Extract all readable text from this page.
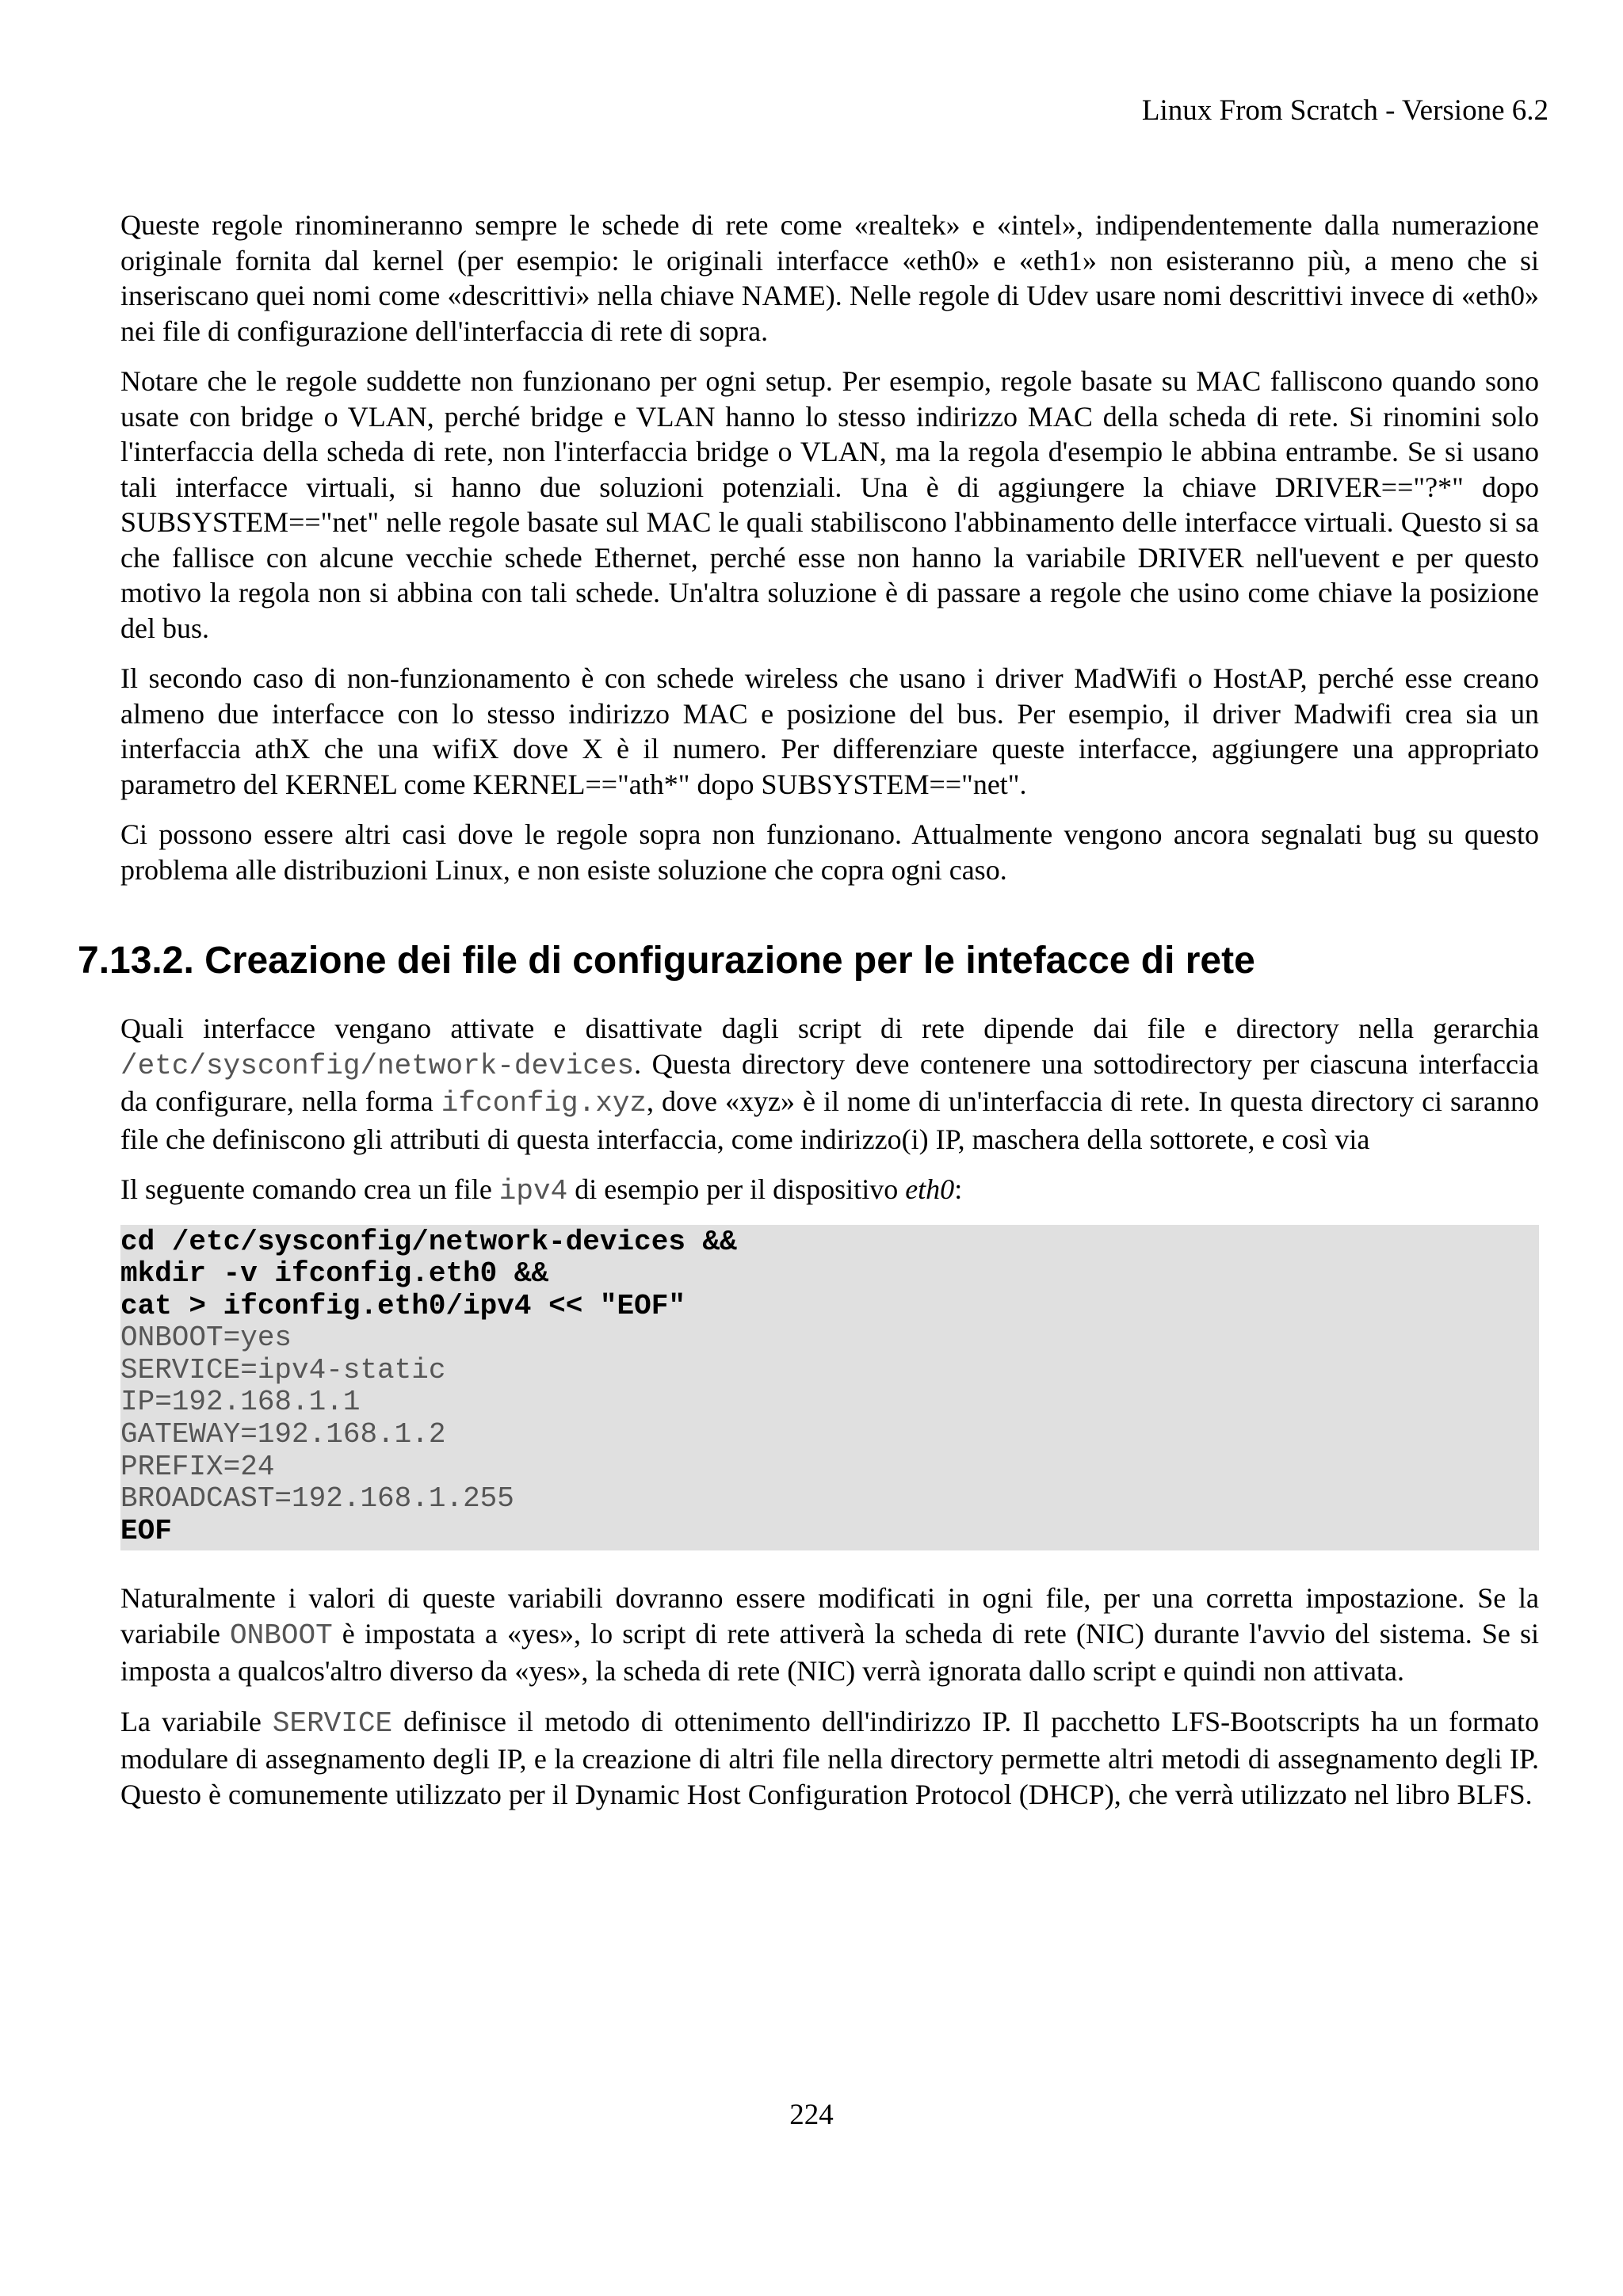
Linux From Scratch - Versione 6.2

Queste regole rinomineranno sempre le schede di rete come «realtek» e «intel», indipendentemente dalla numerazione originale fornita dal kernel (per esempio: le originali interfacce «eth0» e «eth1» non esisteranno più, a meno che si inseriscano quei nomi come «descrittivi» nella chiave NAME). Nelle regole di Udev usare nomi descrittivi invece di «eth0» nei file di configurazione dell'interfaccia di rete di sopra.

Notare che le regole suddette non funzionano per ogni setup. Per esempio, regole basate su MAC falliscono quando sono usate con bridge o VLAN, perché bridge e VLAN hanno lo stesso indirizzo MAC della scheda di rete. Si rinomini solo l'interfaccia della scheda di rete, non l'interfaccia bridge o VLAN, ma la regola d'esempio le abbina entrambe. Se si usano tali interfacce virtuali, si hanno due soluzioni potenziali. Una è di aggiungere la chiave DRIVER=="?*" dopo SUBSYSTEM=="net" nelle regole basate sul MAC le quali stabiliscono l'abbinamento delle interfacce virtuali. Questo si sa che fallisce con alcune vecchie schede Ethernet, perché esse non hanno la variabile DRIVER nell'uevent e per questo motivo la regola non si abbina con tali schede. Un'altra soluzione è di passare a regole che usino come chiave la posizione del bus.

Il secondo caso di non-funzionamento è con schede wireless che usano i driver MadWifi o HostAP, perché esse creano almeno due interfacce con lo stesso indirizzo MAC e posizione del bus. Per esempio, il driver Madwifi crea sia un interfaccia athX che una wifiX dove X è il numero. Per differenziare queste interfacce, aggiungere una appropriato parametro del KERNEL come KERNEL=="ath*" dopo SUBSYSTEM=="net".

Ci possono essere altri casi dove le regole sopra non funzionano. Attualmente vengono ancora segnalati bug su questo problema alle distribuzioni Linux, e non esiste soluzione che copra ogni caso.

7.13.2. Creazione dei file di configurazione per le intefacce di rete

Quali interfacce vengano attivate e disattivate dagli script di rete dipende dai file e directory nella gerarchia /etc/sysconfig/network-devices. Questa directory deve contenere una sottodirectory per ciascuna interfaccia da configurare, nella forma ifconfig.xyz, dove «xyz» è il nome di un'interfaccia di rete. In questa directory ci saranno file che definiscono gli attributi di questa interfaccia, come indirizzo(i) IP, maschera della sottorete, e così via

Il seguente comando crea un file ipv4 di esempio per il dispositivo eth0:

cd /etc/sysconfig/network-devices &&
mkdir -v ifconfig.eth0 &&
cat > ifconfig.eth0/ipv4 << "EOF"
ONBOOT=yes
SERVICE=ipv4-static
IP=192.168.1.1
GATEWAY=192.168.1.2
PREFIX=24
BROADCAST=192.168.1.255
EOF

Naturalmente i valori di queste variabili dovranno essere modificati in ogni file, per una corretta impostazione. Se la variabile ONBOOT è impostata a «yes», lo script di rete attiverà la scheda di rete (NIC) durante l'avvio del sistema. Se si imposta a qualcos'altro diverso da «yes», la scheda di rete (NIC) verrà ignorata dallo script e quindi non attivata.

La variabile SERVICE definisce il metodo di ottenimento dell'indirizzo IP. Il pacchetto LFS-Bootscripts ha un formato modulare di assegnamento degli IP, e la creazione di altri file nella directory permette altri metodi di assegnamento degli IP. Questo è comunemente utilizzato per il Dynamic Host Configuration Protocol (DHCP), che verrà utilizzato nel libro BLFS.

224
